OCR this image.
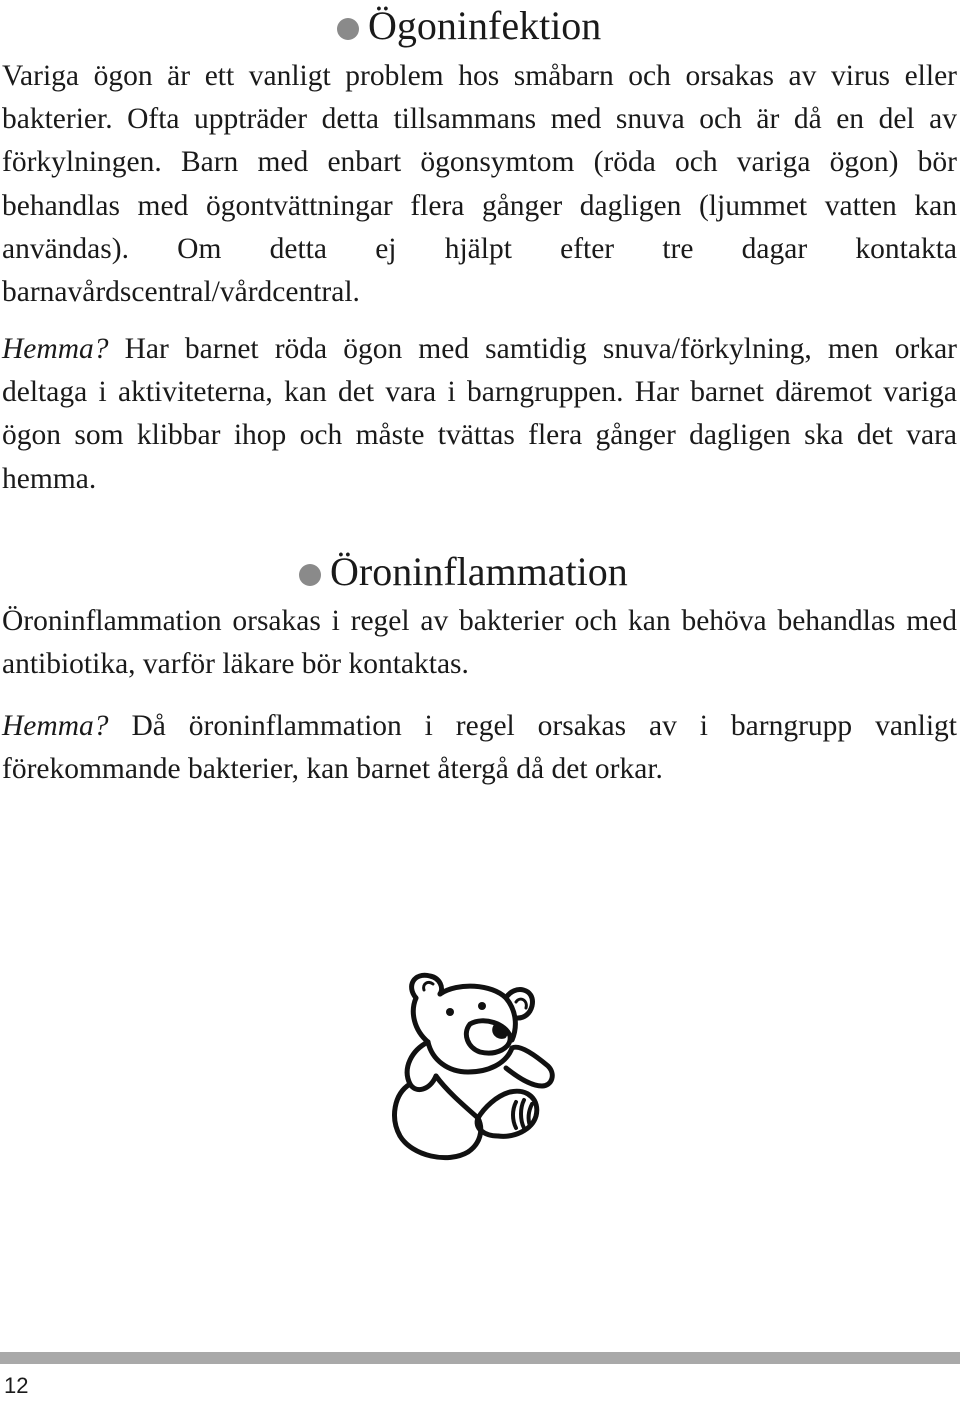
Ögoninfektion

Variga ögon är ett vanligt problem hos småbarn och orsakas av virus eller bakterier. Ofta uppträder detta tillsammans med snuva och är då en del av förkylningen. Barn med enbart ögonsymtom (röda och variga ögon) bör behandlas med ögontvättningar flera gånger dagligen (ljummet vatten kan användas). Om detta ej hjälpt efter tre dagar kontakta barnavårdscentral/vårdcentral.

Hemma? Har barnet röda ögon med samtidig snuva/förkylning, men orkar deltaga i aktiviteterna, kan det vara i barngruppen. Har barnet däremot variga ögon som klibbar ihop och måste tvättas flera gånger dagligen ska det vara hemma.

Öroninflammation

Öroninflammation orsakas i regel av bakterier och kan behöva behandlas med antibiotika, varför läkare bör kontaktas.

Hemma? Då öroninflammation i regel orsakas av i barngrupp vanligt förekommande bakterier, kan barnet återgå då det orkar.

12
